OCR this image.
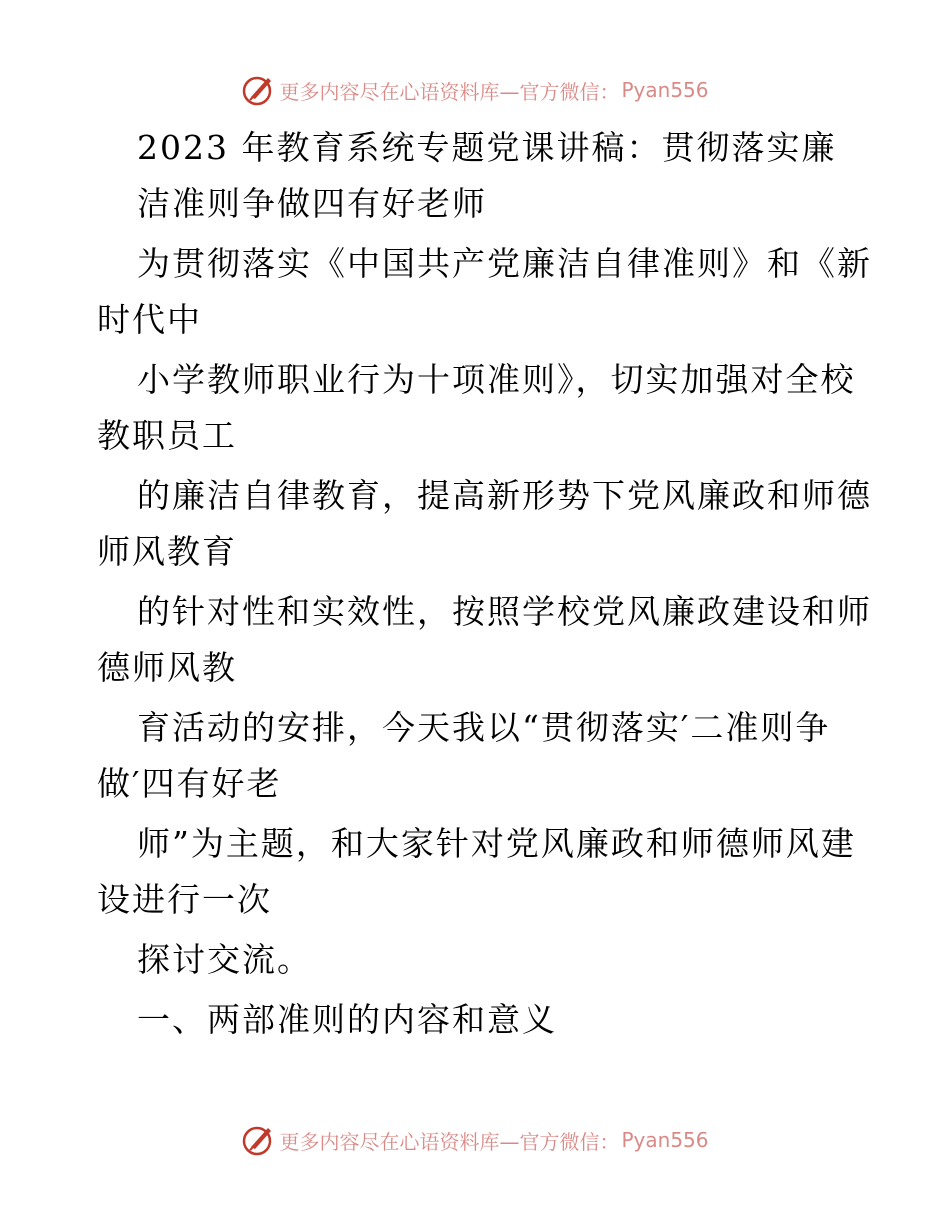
更多内容尽在心语资料库—官方微信： Pyan556
2023 年教育系统专题党课讲稿：贯彻落实廉
洁准则争做四有好老师
为贯彻落实《中国共产党廉洁自律准则》和《新
时代中
小学教师职业行为十项准则》，切实加强对全校
教职员工
的廉洁自律教育，提高新形势下党风廉政和师德
师风教育
的针对性和实效性，按照学校党风廉政建设和师
德师风教
育活动的安排，今天我以“贯彻落实′二准则争
做′四有好老
师”为主题，和大家针对党风廉政和师德师风建
设进行一次
探讨交流。
一、两部准则的内容和意义
更多内容尽在心语资料库—官方微信： Pyan556
